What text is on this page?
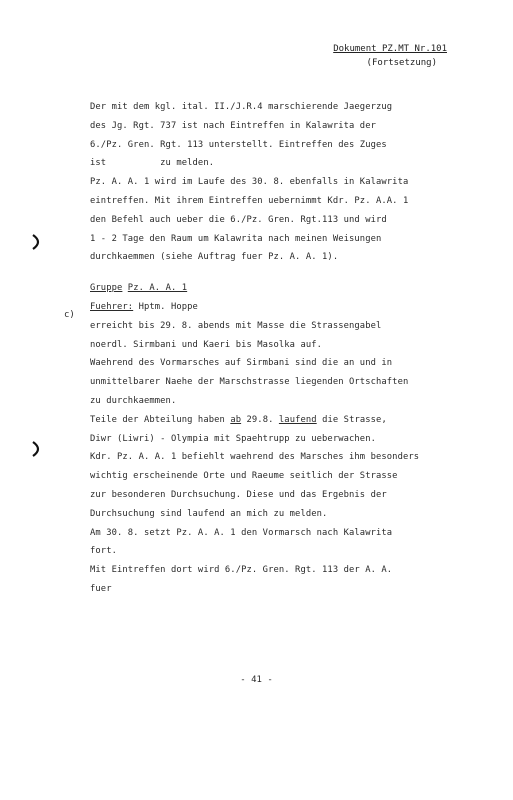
Dokument PZ.MT Nr.101
(Fortsetzung)
c)
Der mit dem kgl. ital. II./J.R.4 marschierende Jaegerzug
des Jg. Rgt. 737 ist nach Eintreffen in Kalawrita der
6./Pz. Gren. Rgt. 113 unterstellt. Eintreffen des Zuges
ist          zu melden.
Pz. A. A. 1 wird im Laufe des 30. 8. ebenfalls in Kalawrita
eintreffen. Mit ihrem Eintreffen uebernimmt Kdr. Pz. A.A. 1
den Befehl auch ueber die 6./Pz. Gren. Rgt.113 und wird
1 - 2 Tage den Raum um Kalawrita nach meinen Weisungen
durchkaemmen (siehe Auftrag fuer Pz. A. A. 1).
Gruppe Pz. A. A. 1
Fuehrer: Hptm. Hoppe
erreicht bis 29. 8. abends mit Masse die Strassengabel
noerdl. Sirmbani und Kaeri bis Masolka auf.
Waehrend des Vormarsches auf Sirmbani sind die an und in
unmittelbarer Naehe der Marschstrasse liegenden Ortschaften
zu durchkaemmen.
Teile der Abteilung haben ab 29.8. laufend die Strasse,
Diwr (Liwri) - Olympia mit Spaehtrupp zu ueberwachen.
Kdr. Pz. A. A. 1 befiehlt waehrend des Marsches ihm besonders
wichtig erscheinende Orte und Raeume seitlich der Strasse
zur besonderen Durchsuchung. Diese und das Ergebnis der
Durchsuchung sind laufend an mich zu melden.
Am 30. 8. setzt Pz. A. A. 1 den Vormarsch nach Kalawrita
fort.
Mit Eintreffen dort wird 6./Pz. Gren. Rgt. 113 der A. A.
fuer
- 41 -
